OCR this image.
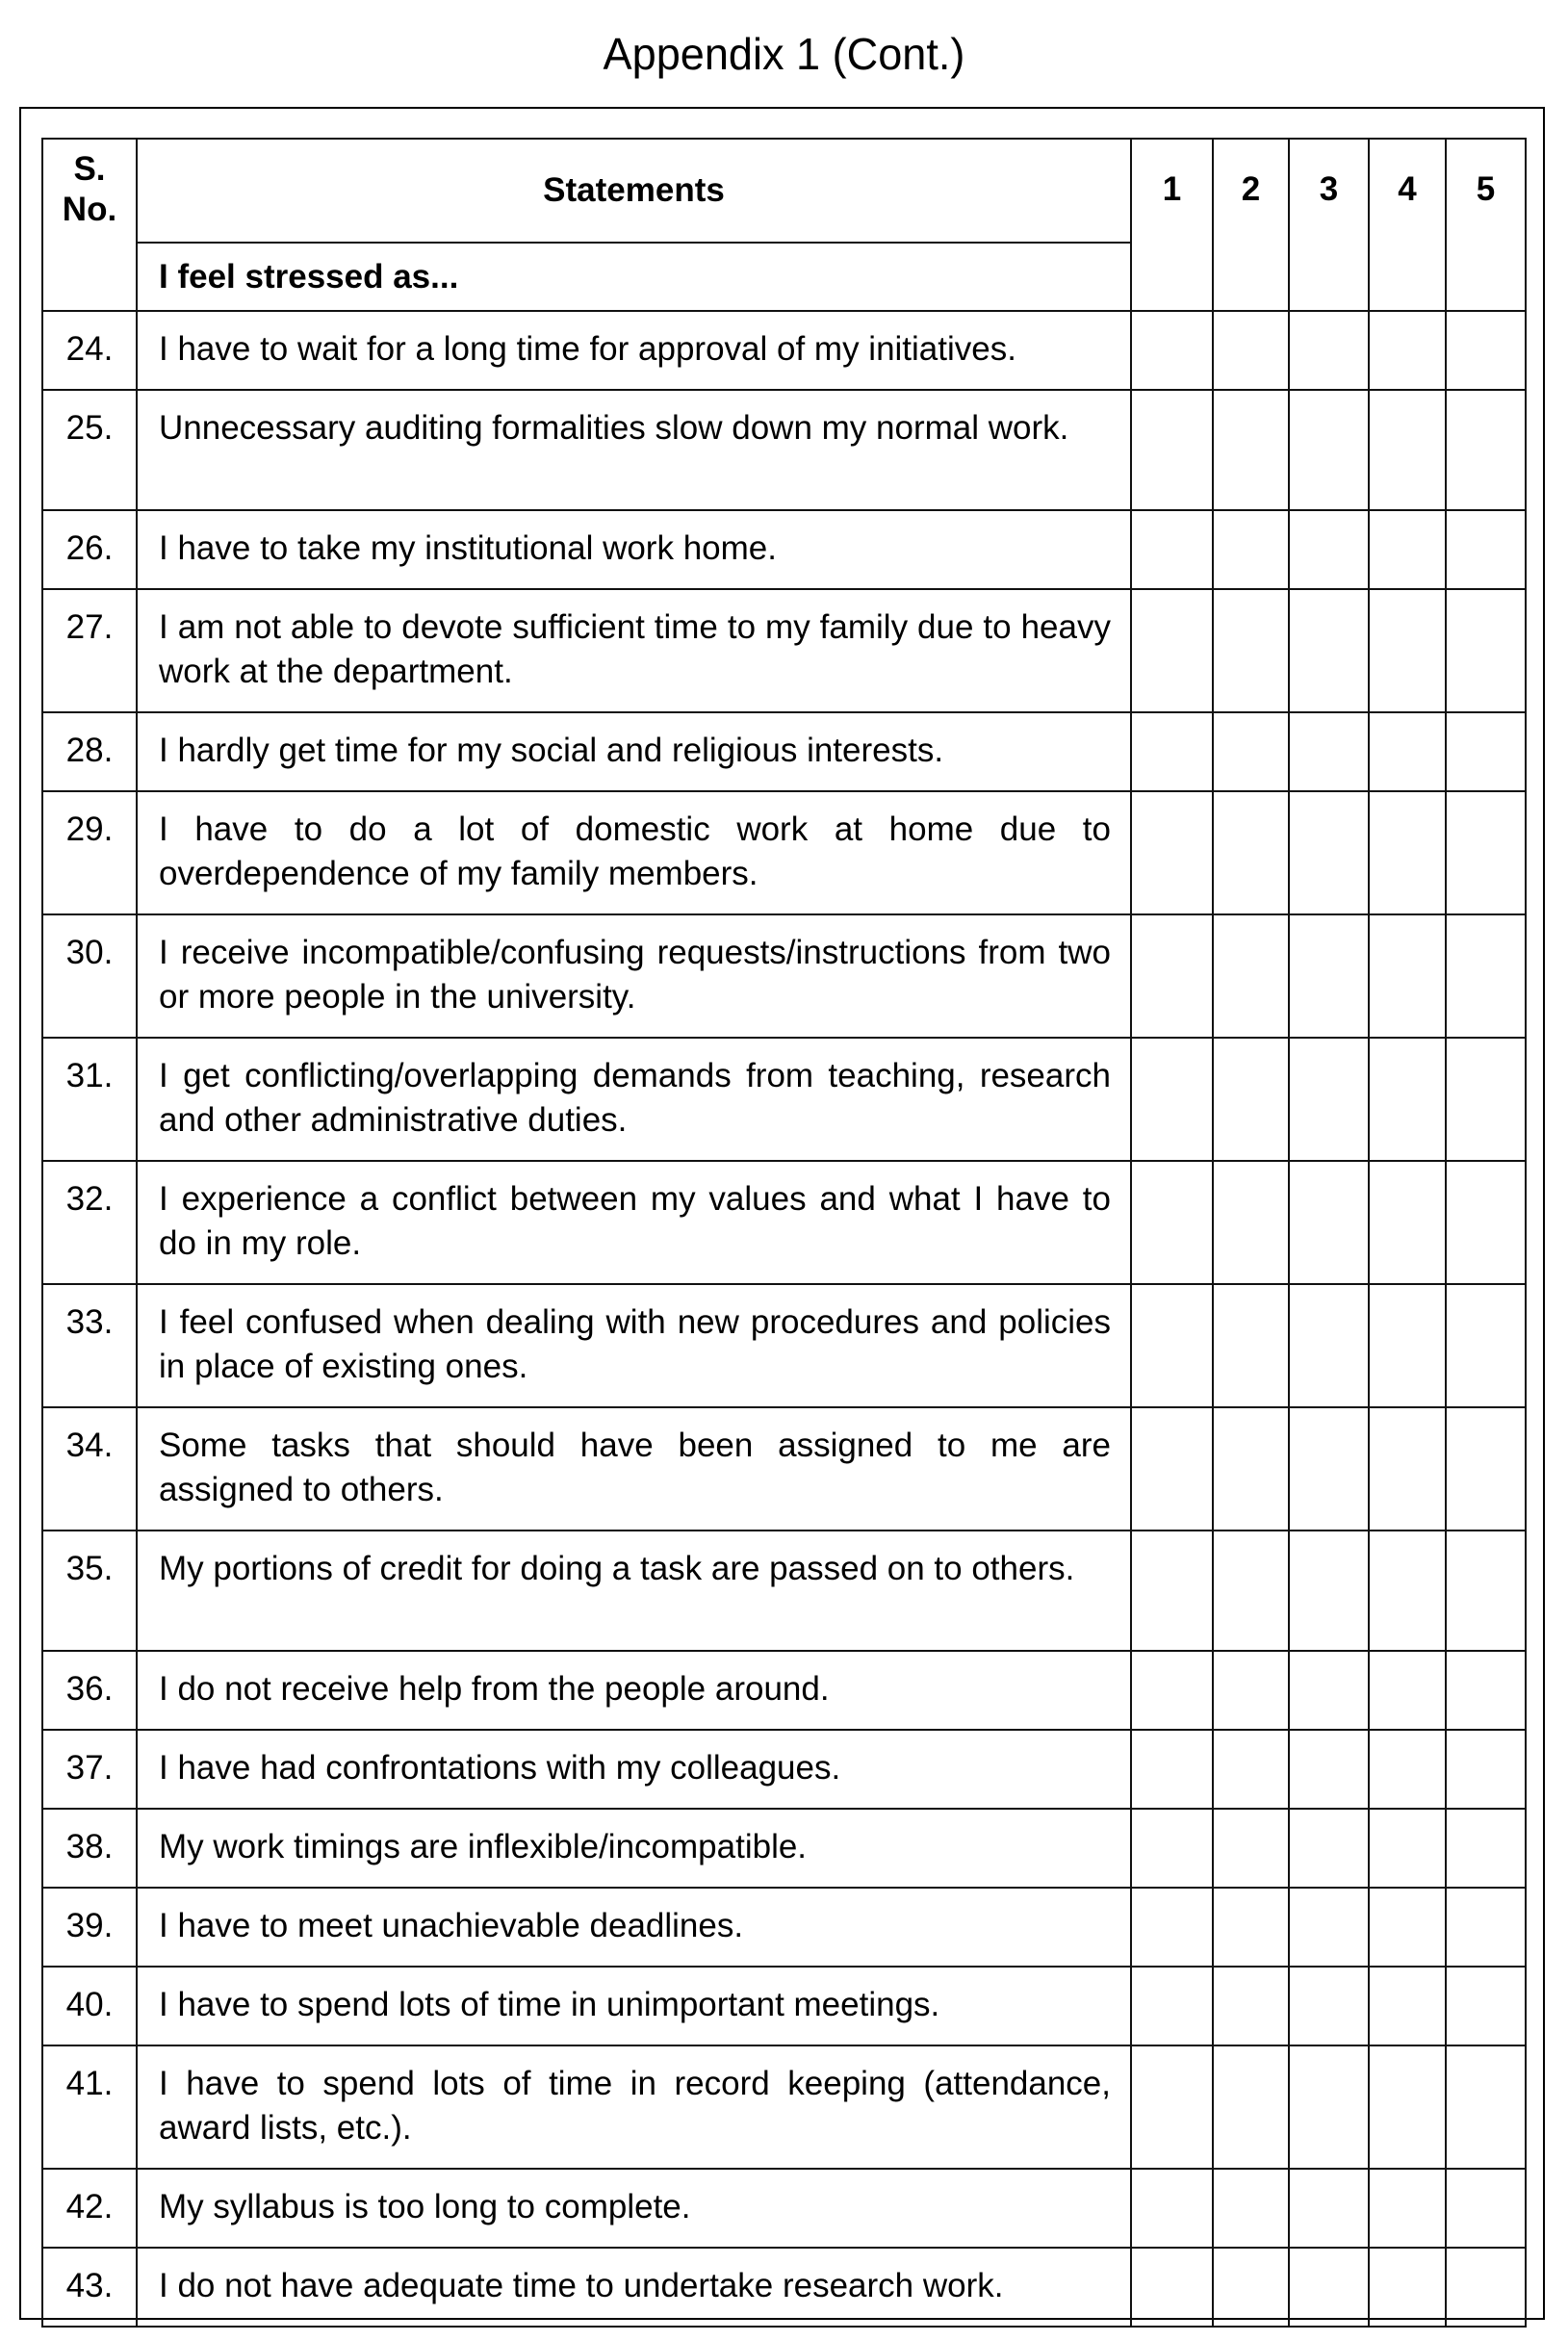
Appendix 1 (Cont.)
S.
No.	Statements	1	2	3	4	5
	I feel stressed as...					
24.	I have to wait for a long time for approval of my initiatives.					
25.	Unnecessary auditing formalities slow down my normal work.					
26.	I have to take my institutional work home.					
27.	I am not able to devote sufficient time to my family due to heavy work at the department.					
28.	I hardly get time for my social and religious interests.					
29.	I have to do a lot of domestic work at home due to overdependence of my family members.					
30.	I receive incompatible/confusing requests/instructions from two or more people in the university.					
31.	I get conflicting/overlapping demands from teaching, research and other administrative duties.					
32.	I experience a conflict between my values and what I have to do in my role.					
33.	I feel confused when dealing with new procedures and policies in place of existing ones.					
34.	Some tasks that should have been assigned to me are assigned to others.					
35.	My portions of credit for doing a task are passed on to others.					
36.	I do not receive help from the people around.					
37.	I have had confrontations with my colleagues.					
38.	My work timings are inflexible/incompatible.					
39.	I have to meet unachievable deadlines.					
40.	I have to spend lots of time in unimportant meetings.					
41.	I have to spend lots of time in record keeping (attendance, award lists, etc.).					
42.	My syllabus is too long to complete.					
43.	I do not have adequate time to undertake research work.					
